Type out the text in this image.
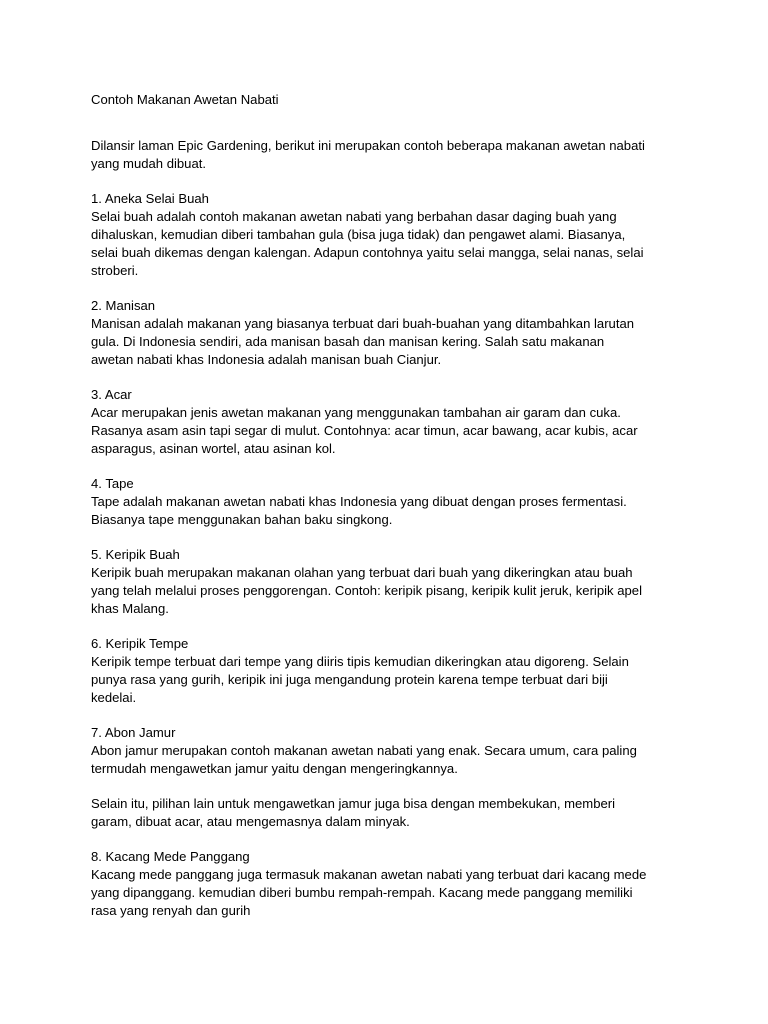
Contoh Makanan Awetan Nabati
Dilansir laman Epic Gardening, berikut ini merupakan contoh beberapa makanan awetan nabati
yang mudah dibuat.
1. Aneka Selai Buah
Selai buah adalah contoh makanan awetan nabati yang berbahan dasar daging buah yang
dihaluskan, kemudian diberi tambahan gula (bisa juga tidak) dan pengawet alami. Biasanya,
selai buah dikemas dengan kalengan. Adapun contohnya yaitu selai mangga, selai nanas, selai
stroberi.
2. Manisan
Manisan adalah makanan yang biasanya terbuat dari buah-buahan yang ditambahkan larutan
gula. Di Indonesia sendiri, ada manisan basah dan manisan kering. Salah satu makanan
awetan nabati khas Indonesia adalah manisan buah Cianjur.
3. Acar
Acar merupakan jenis awetan makanan yang menggunakan tambahan air garam dan cuka.
Rasanya asam asin tapi segar di mulut. Contohnya: acar timun, acar bawang, acar kubis, acar
asparagus, asinan wortel, atau asinan kol.
4. Tape
Tape adalah makanan awetan nabati khas Indonesia yang dibuat dengan proses fermentasi.
Biasanya tape menggunakan bahan baku singkong.
5. Keripik Buah
Keripik buah merupakan makanan olahan yang terbuat dari buah yang dikeringkan atau buah
yang telah melalui proses penggorengan. Contoh: keripik pisang, keripik kulit jeruk, keripik apel
khas Malang.
6. Keripik Tempe
Keripik tempe terbuat dari tempe yang diiris tipis kemudian dikeringkan atau digoreng. Selain
punya rasa yang gurih, keripik ini juga mengandung protein karena tempe terbuat dari biji
kedelai.
7. Abon Jamur
Abon jamur merupakan contoh makanan awetan nabati yang enak. Secara umum, cara paling
termudah mengawetkan jamur yaitu dengan mengeringkannya.
Selain itu, pilihan lain untuk mengawetkan jamur juga bisa dengan membekukan, memberi
garam, dibuat acar, atau mengemasnya dalam minyak.
8. Kacang Mede Panggang
Kacang mede panggang juga termasuk makanan awetan nabati yang terbuat dari kacang mede
yang dipanggang. kemudian diberi bumbu rempah-rempah. Kacang mede panggang memiliki
rasa yang renyah dan gurih
